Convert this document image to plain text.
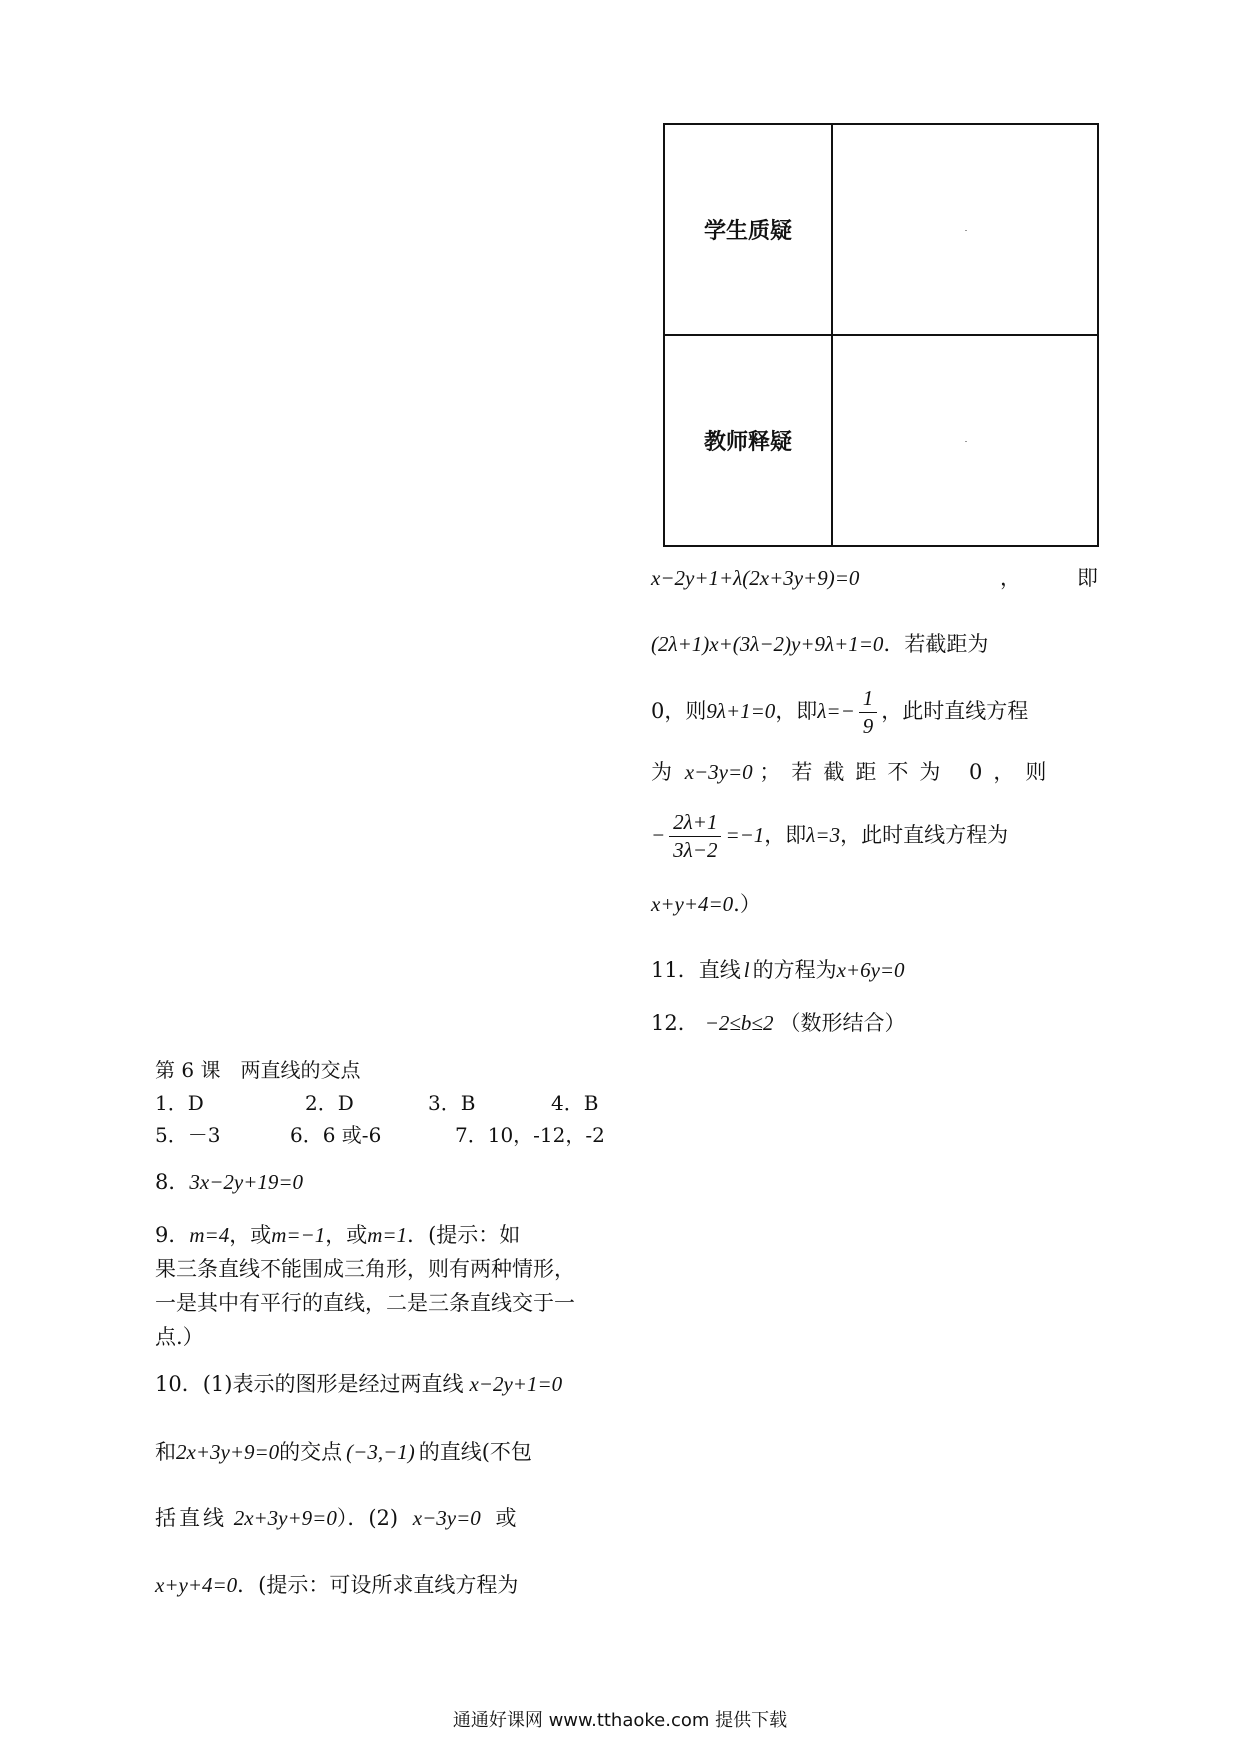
学生质疑	

教师释疑	
x−2y+1+λ(2x+3y+9)=0	，	即
(2λ+1)x+(3λ−2)y+9λ+1=0．若截距为
0，则9λ+1=0，即$\lambda=- \frac{1}{9}$ ，此时直线方程
为 x−3y=0 ；若截距不为 0，则
− $\frac{2\lambda+1}{3\lambda-2} =-1$，即λ=3，此时直线方程为
x+y+4=0.）
11．直线 l 的方程为x+6y=0
12． −2≤b≤2 （数形结合）
第 6 课　两直线的交点
1．D	2．D	3．B	4．B
5．－3	6．6 或-6	7．10，-12，-2
8．3x−2y+19=0
9．m=4，或m=−1，或m=1．(提示：如
果三条直线不能围成三角形，则有两种情形，
一是其中有平行的直线，二是三条直线交于一
点.）
10．(1)表示的图形是经过两直线 x−2y+1=0
和2x+3y+9=0的交点 (−3,−1) 的直线(不包
括直线 2x+3y+9=0）．(2) x−3y=0 或
x+y+4=0．(提示：可设所求直线方程为
通通好课网 www.tthaoke.com 提供下载
